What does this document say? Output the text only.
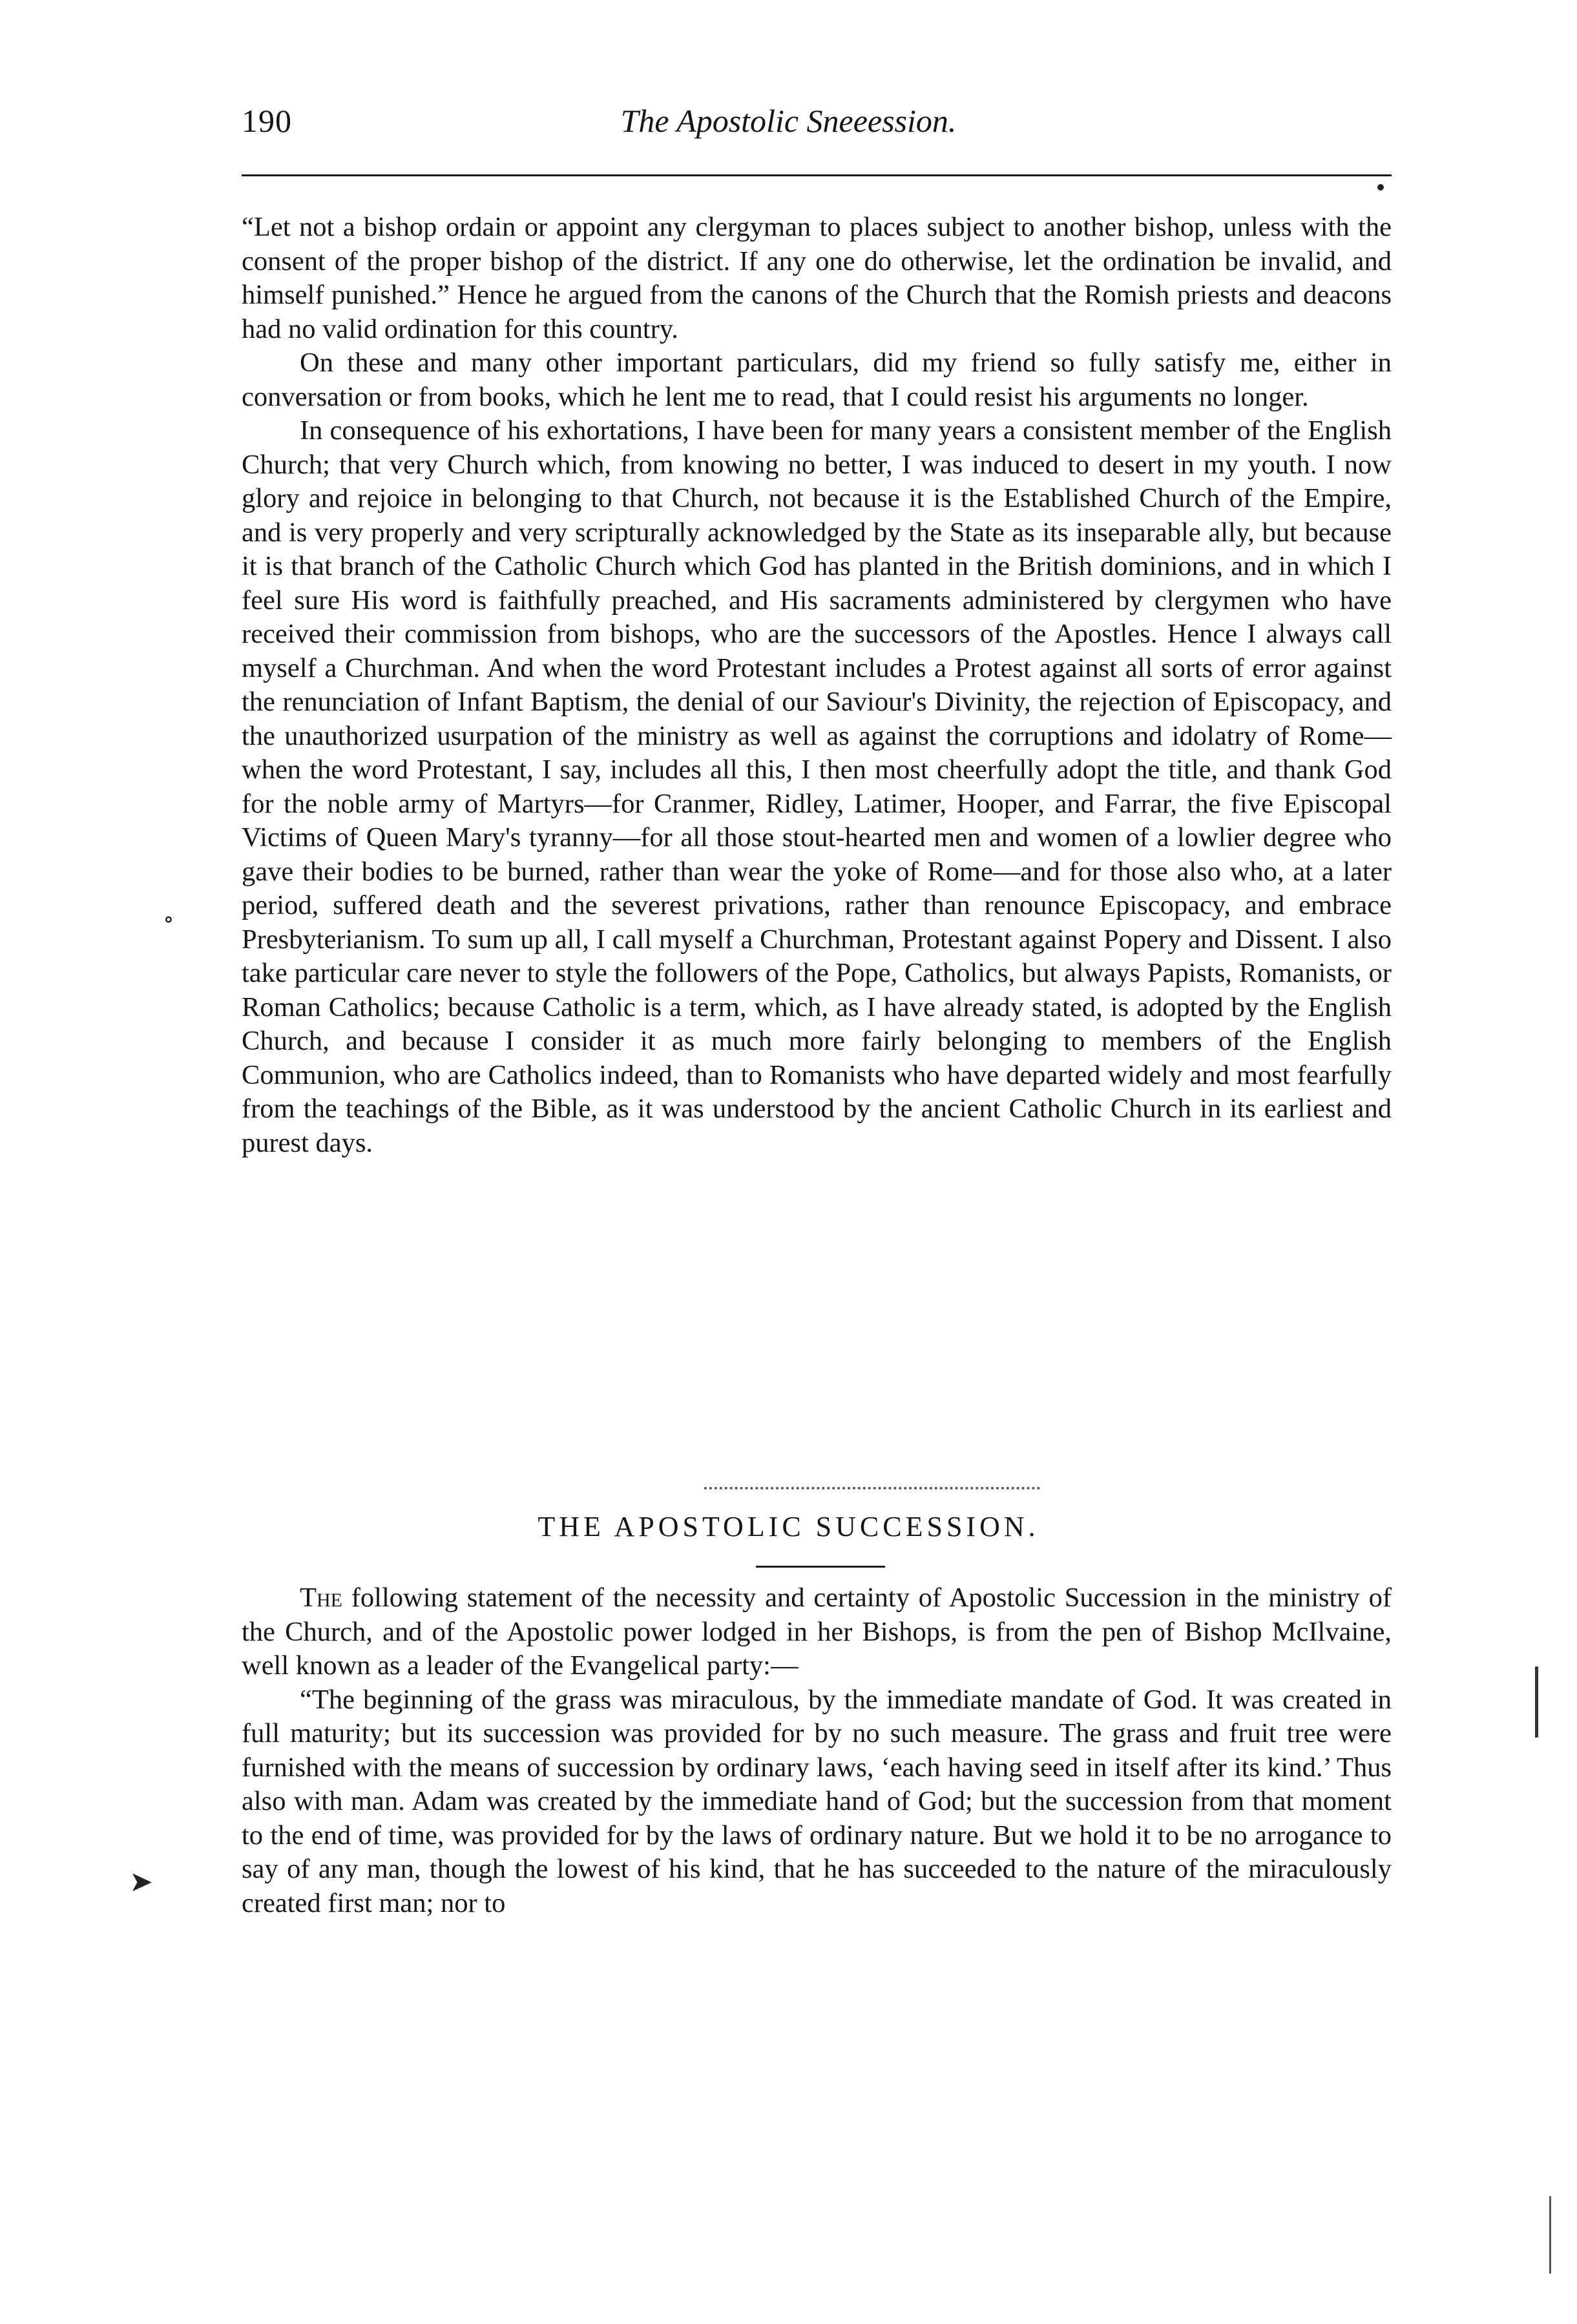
190	The Apostolic Sneeession.

“Let not a bishop ordain or appoint any clergyman to places subject to another bishop, unless with the consent of the proper bishop of the district. If any one do otherwise, let the ordination be invalid, and himself punished.” Hence he argued from the canons of the Church that the Romish priests and deacons had no valid ordination for this country.

On these and many other important particulars, did my friend so fully satisfy me, either in conversation or from books, which he lent me to read, that I could resist his arguments no longer.

In consequence of his exhortations, I have been for many years a consistent member of the English Church; that very Church which, from knowing no better, I was induced to desert in my youth. I now glory and rejoice in belonging to that Church, not because it is the Established Church of the Empire, and is very properly and very scripturally acknowledged by the State as its inseparable ally, but because it is that branch of the Catholic Church which God has planted in the British dominions, and in which I feel sure His word is faithfully preached, and His sacraments administered by clergymen who have received their commission from bishops, who are the successors of the Apostles. Hence I always call myself a Churchman. And when the word Protestant includes a Protest against all sorts of error against the renunciation of Infant Baptism, the denial of our Saviour's Divinity, the rejection of Episcopacy, and the unauthorized usurpation of the ministry as well as against the corruptions and idolatry of Rome—when the word Protestant, I say, includes all this, I then most cheerfully adopt the title, and thank God for the noble army of Martyrs—for Cranmer, Ridley, Latimer, Hooper, and Farrar, the five Episcopal Victims of Queen Mary's tyranny—for all those stout-hearted men and women of a lowlier degree who gave their bodies to be burned, rather than wear the yoke of Rome—and for those also who, at a later period, suffered death and the severest privations, rather than renounce Episcopacy, and embrace Presbyterianism. To sum up all, I call myself a Churchman, Protestant against Popery and Dissent. I also take particular care never to style the followers of the Pope, Catholics, but always Papists, Romanists, or Roman Catholics; because Catholic is a term, which, as I have already stated, is adopted by the English Church, and because I consider it as much more fairly belonging to members of the English Communion, who are Catholics indeed, than to Romanists who have departed widely and most fearfully from the teachings of the Bible, as it was understood by the ancient Catholic Church in its earliest and purest days.

THE APOSTOLIC SUCCESSION.

The following statement of the necessity and certainty of Apostolic Succession in the ministry of the Church, and of the Apostolic power lodged in her Bishops, is from the pen of Bishop McIlvaine, well known as a leader of the Evangelical party:—

“The beginning of the grass was miraculous, by the immediate mandate of God. It was created in full maturity; but its succession was provided for by no such measure. The grass and fruit tree were furnished with the means of succession by ordinary laws, ‘each having seed in itself after its kind.’ Thus also with man. Adam was created by the immediate hand of God; but the succession from that moment to the end of time, was provided for by the laws of ordinary nature. But we hold it to be no arrogance to say of any man, though the lowest of his kind, that he has succeeded to the nature of the miraculously created first man; nor to

➤
∘
